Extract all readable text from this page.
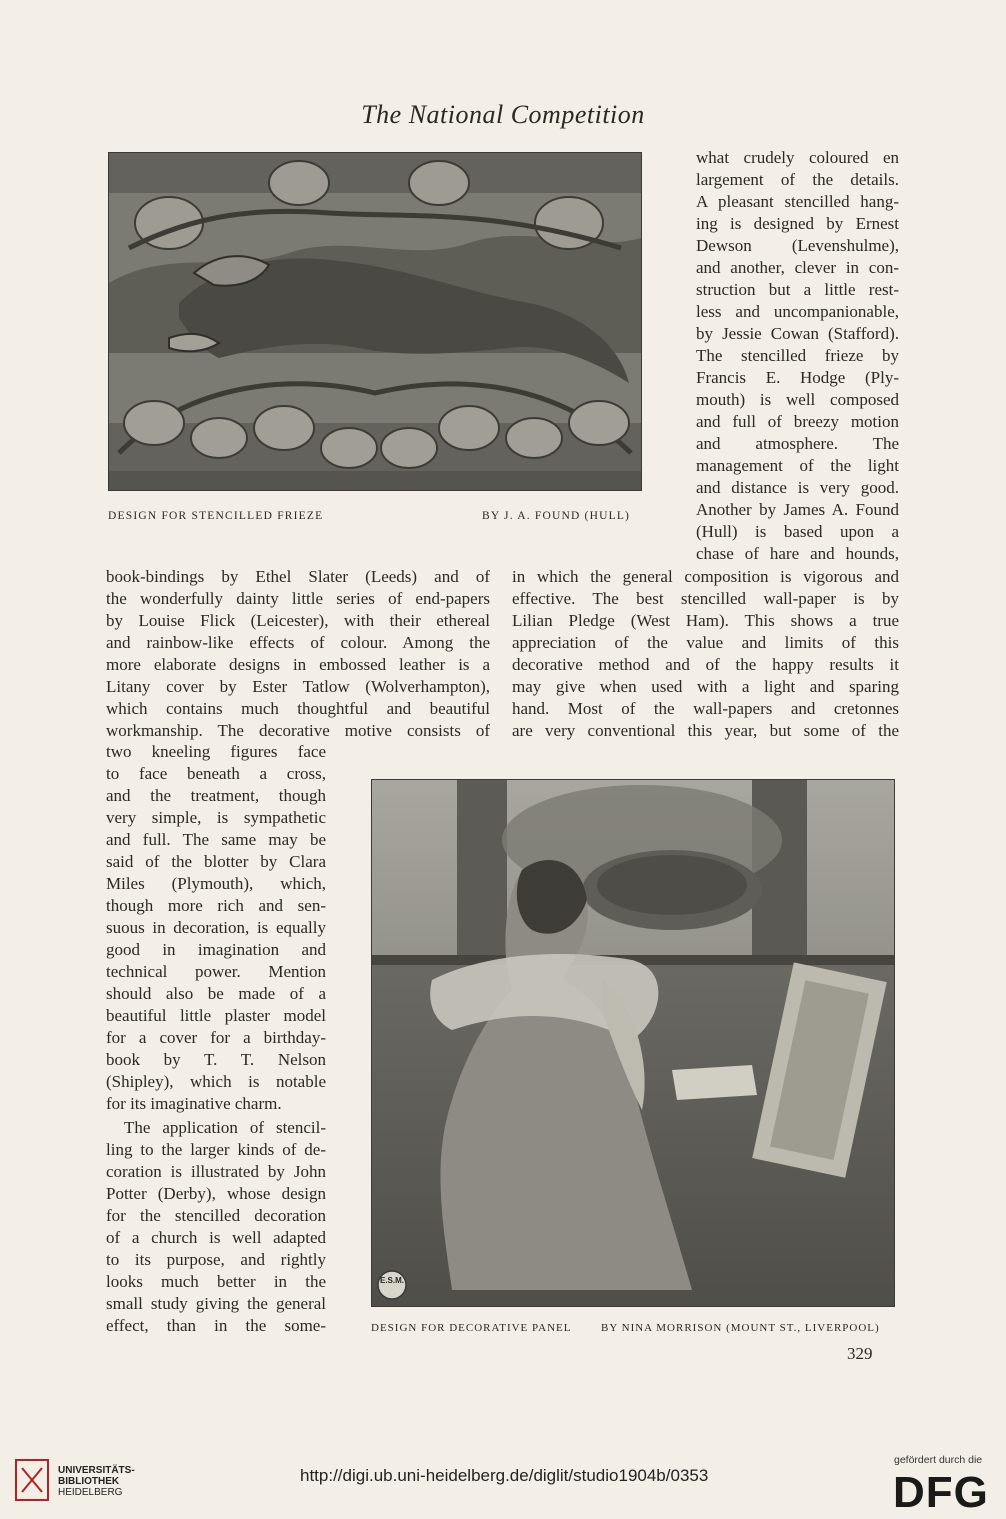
The National Competition
DESIGN FOR STENCILLED FRIEZE	BY J. A. FOUND (HULL)
what crudely coloured en
largement of the details.
A pleasant stencilled hang-
ing is designed by Ernest
Dewson (Levenshulme),
and another, clever in con-
struction but a little rest-
less and uncompanionable,
by Jessie Cowan (Stafford).
The stencilled frieze by
Francis E. Hodge (Ply-
mouth) is well composed
and full of breezy motion
and atmosphere. The
management of the light
and distance is very good.
Another by James A. Found
(Hull) is based upon a
chase of hare and hounds,
book-bindings by Ethel Slater (Leeds) and of
the wonderfully dainty little series of end-papers
by Louise Flick (Leicester), with their ethereal
and rainbow-like effects of colour. Among the
more elaborate designs in embossed leather is a
Litany cover by Ester Tatlow (Wolverhampton),
which contains much thoughtful and beautiful
workmanship. The decorative motive consists of
in which the general composition is vigorous and
effective. The best stencilled wall-paper is by
Lilian Pledge (West Ham). This shows a true
appreciation of the value and limits of this
decorative method and of the happy results it
may give when used with a light and sparing
hand. Most of the wall-papers and cretonnes
are very conventional this year, but some of the
two kneeling figures face
to face beneath a cross,
and the treatment, though
very simple, is sympathetic
and full. The same may be
said of the blotter by Clara
Miles (Plymouth), which,
though more rich and sen-
suous in decoration, is equally
good in imagination and
technical power. Mention
should also be made of a
beautiful little plaster model
for a cover for a birthday-
book by T. T. Nelson
(Shipley), which is notable
for its imaginative charm.
The application of stencil-
ling to the larger kinds of de-
coration is illustrated by John
Potter (Derby), whose design
for the stencilled decoration
of a church is well adapted
to its purpose, and rightly
looks much better in the
small study giving the general
effect, than in the some-
E.S.M.
DESIGN FOR DECORATIVE PANEL	BY NINA MORRISON (MOUNT ST., LIVERPOOL)
329
UNIVERSITÄTS-
BIBLIOTHEK
HEIDELBERG
http://digi.ub.uni-heidelberg.de/diglit/studio1904b/0353
gefördert durch die
DFG
